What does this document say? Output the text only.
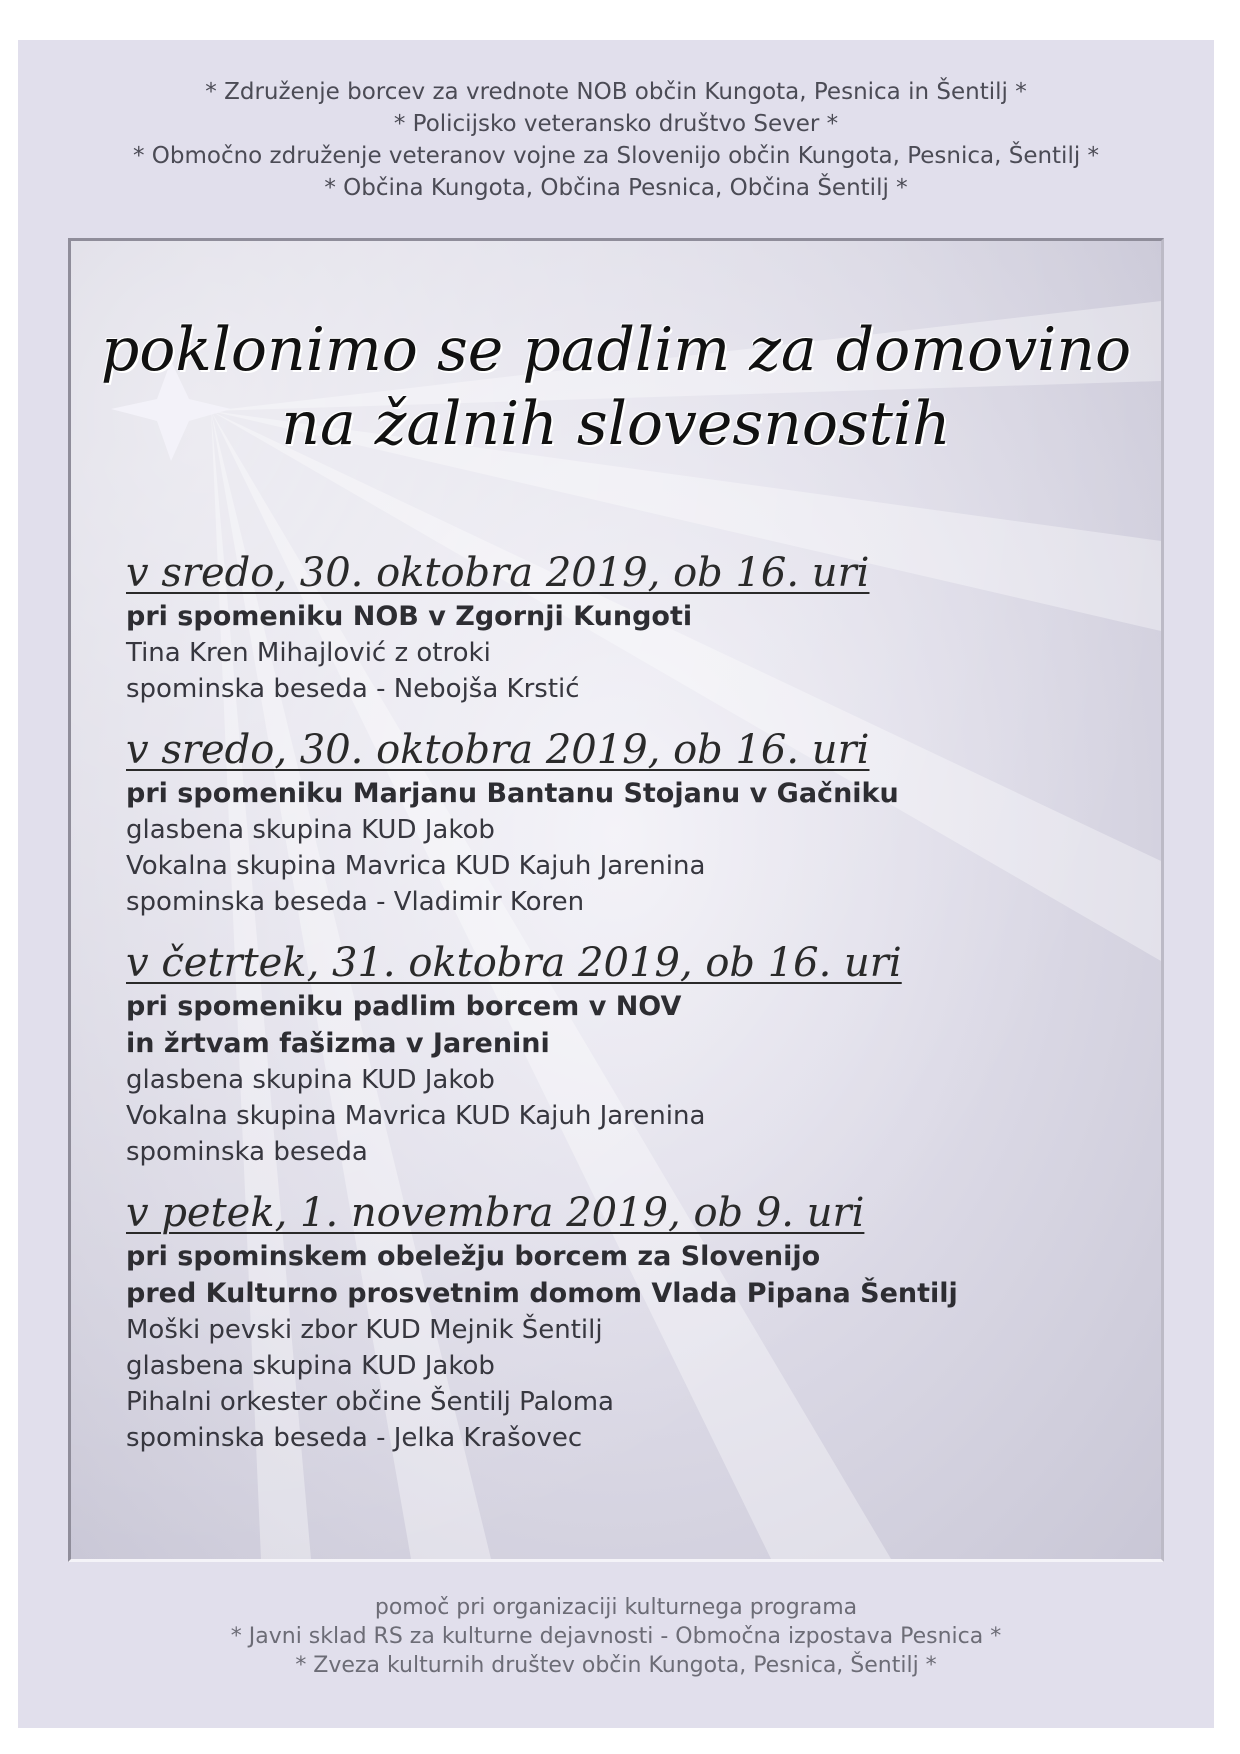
* Združenje borcev za vrednote NOB občin Kungota, Pesnica in Šentilj *
* Policijsko veteransko društvo Sever *
* Območno združenje veteranov vojne za Slovenijo občin Kungota, Pesnica, Šentilj *
* Občina Kungota, Občina Pesnica, Občina Šentilj *
poklonimo se padlim za domovino
na žalnih slovesnostih
v sredo, 30. oktobra 2019, ob 16. uri
pri spomeniku NOB v Zgornji Kungoti
Tina Kren Mihajlović z otroki
spominska beseda - Nebojša Krstić
v sredo, 30. oktobra 2019, ob 16. uri
pri spomeniku Marjanu Bantanu Stojanu v Gačniku
glasbena skupina KUD Jakob
Vokalna skupina Mavrica KUD Kajuh Jarenina
spominska beseda - Vladimir Koren
v četrtek, 31. oktobra 2019, ob 16. uri
pri spomeniku padlim borcem v NOV
in žrtvam fašizma v Jarenini
glasbena skupina KUD Jakob
Vokalna skupina Mavrica KUD Kajuh Jarenina
spominska beseda
v petek, 1. novembra 2019, ob 9. uri
pri spominskem obeležju borcem za Slovenijo
pred Kulturno prosvetnim domom Vlada Pipana Šentilj
Moški pevski zbor KUD Mejnik Šentilj
glasbena skupina KUD Jakob
Pihalni orkester občine Šentilj Paloma
spominska beseda - Jelka Krašovec
pomoč pri organizaciji kulturnega programa
* Javni sklad RS za kulturne dejavnosti - Območna izpostava Pesnica *
* Zveza kulturnih društev občin Kungota, Pesnica, Šentilj *
